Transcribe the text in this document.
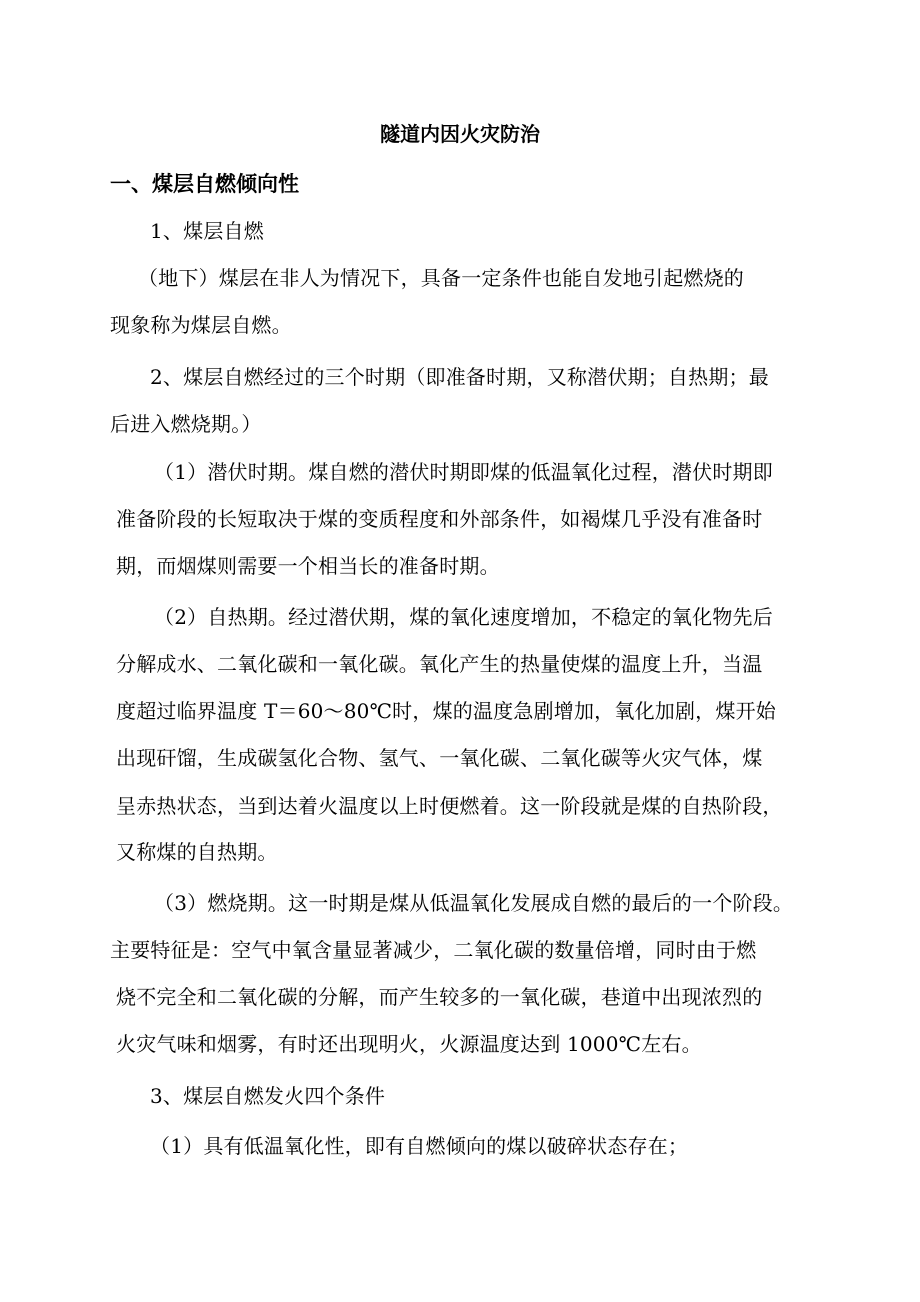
隧道内因火灾防治
一、煤层自燃倾向性
1、煤层自燃
（地下）煤层在非人为情况下，具备一定条件也能自发地引起燃烧的
现象称为煤层自燃。
2、煤层自燃经过的三个时期（即准备时期，又称潜伏期；自热期；最
后进入燃烧期。）
（1）潜伏时期。煤自燃的潜伏时期即煤的低温氧化过程，潜伏时期即
准备阶段的长短取决于煤的变质程度和外部条件，如褐煤几乎没有准备时
期，而烟煤则需要一个相当长的准备时期。
（2）自热期。经过潜伏期，煤的氧化速度增加，不稳定的氧化物先后
分解成水、二氧化碳和一氧化碳。氧化产生的热量使煤的温度上升，当温
度超过临界温度 T＝60～80℃时，煤的温度急剧增加，氧化加剧，煤开始
出现矸馏，生成碳氢化合物、氢气、一氧化碳、二氧化碳等火灾气体，煤
呈赤热状态，当到达着火温度以上时便燃着。这一阶段就是煤的自热阶段，
又称煤的自热期。
（3）燃烧期。这一时期是煤从低温氧化发展成自燃的最后的一个阶段。
主要特征是：空气中氧含量显著减少，二氧化碳的数量倍增，同时由于燃
烧不完全和二氧化碳的分解，而产生较多的一氧化碳，巷道中出现浓烈的
火灾气味和烟雾，有时还出现明火，火源温度达到 1000℃左右。
3、煤层自燃发火四个条件
（1）具有低温氧化性，即有自燃倾向的煤以破碎状态存在；
